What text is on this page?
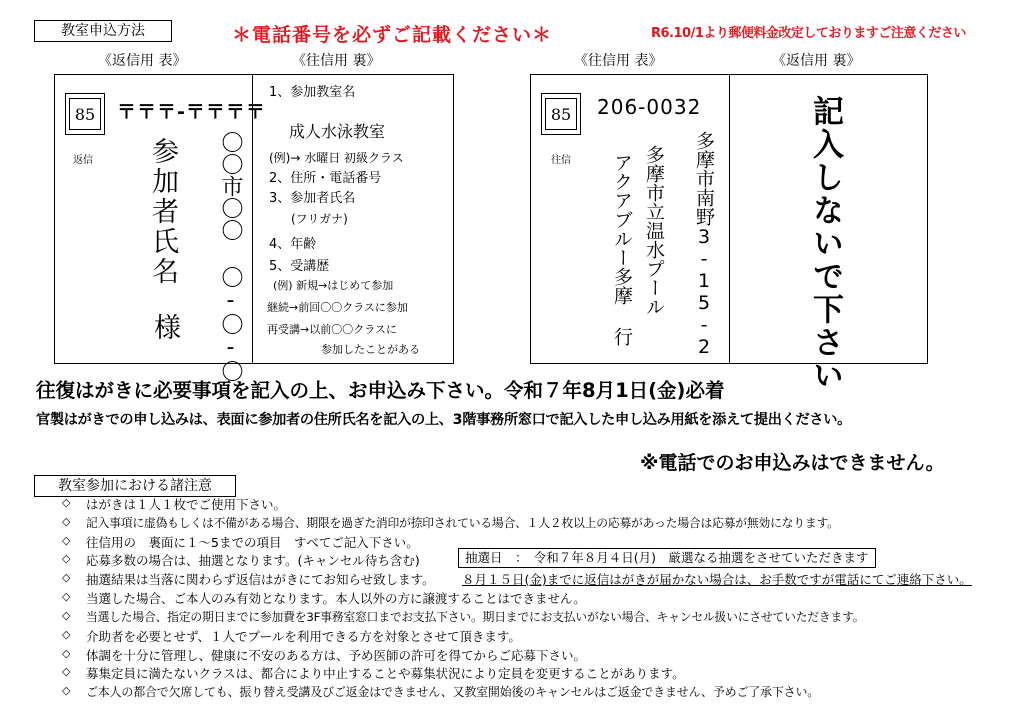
教室申込方法	＊電話番号を必ずご記載ください＊	R6.10/1より郵便料金改定しておりますご注意ください
《返信用 表》	《往信用 裏》
85
返信
〒〒〒-〒〒〒〒
〇〇市〇〇 〇-〇-〇
参加者氏名
様
1、参加教室名
成人水泳教室
(例)→ 水曜日 初級クラス
2、住所・電話番号
3、参加者氏名
(フリガナ)
4、年齢
5、受講歴
(例) 新規→はじめて参加
継続→前回〇〇クラスに参加
再受講→以前〇〇クラスに
参加したことがある
《往信用 表》	《返信用 裏》
85
往信
206-0032
多摩市南野3-15-2
多摩市立温水プール
アクアブルー多摩 行	記入しないで下さい
往復はがきに必要事項を記入の上、お申込み下さい。令和７年8月1日(金)必着
官製はがきでの申し込みは、表面に参加者の住所氏名を記入の上、3階事務所窓口で記入した申し込み用紙を添えて提出ください。
※電話でのお申込みはできません。
教室参加における諸注意
◇ はがきは１人１枚でご使用下さい。
◇ 記入事項に虚偽もしくは不備がある場合、期限を過ぎた消印が捺印されている場合、１人２枚以上の応募があった場合は応募が無効になります。
◇ 往信用の　裏面に１〜5までの項目　すべてご記入下さい。
◇ 応募多数の場合は、抽選となります。(キャンセル待ち含む)	抽選日　：　令和７年８月４日(月)　厳選なる抽選をさせていただきます
◇ 抽選結果は当落に関わらず返信はがきにてお知らせ致します。 ８月１５日(金)までに返信はがきが届かない場合は、お手数ですが電話にてご連絡下さい。
◇ 当選した場合、ご本人のみ有効となります。本人以外の方に譲渡することはできません。
◇ 当選した場合、指定の期日までに参加費を3F事務室窓口までお支払下さい。期日までにお支払いがない場合、キャンセル扱いにさせていただきます。
◇ 介助者を必要とせず、１人でプールを利用できる方を対象とさせて頂きます。
◇ 体調を十分に管理し、健康に不安のある方は、予め医師の許可を得てからご応募下さい。
◇ 募集定員に満たないクラスは、都合により中止することや募集状況により定員を変更することがあります。
◇ ご本人の都合で欠席しても、振り替え受講及びご返金はできません、又教室開始後のキャンセルはご返金できません、予めご了承下さい。
